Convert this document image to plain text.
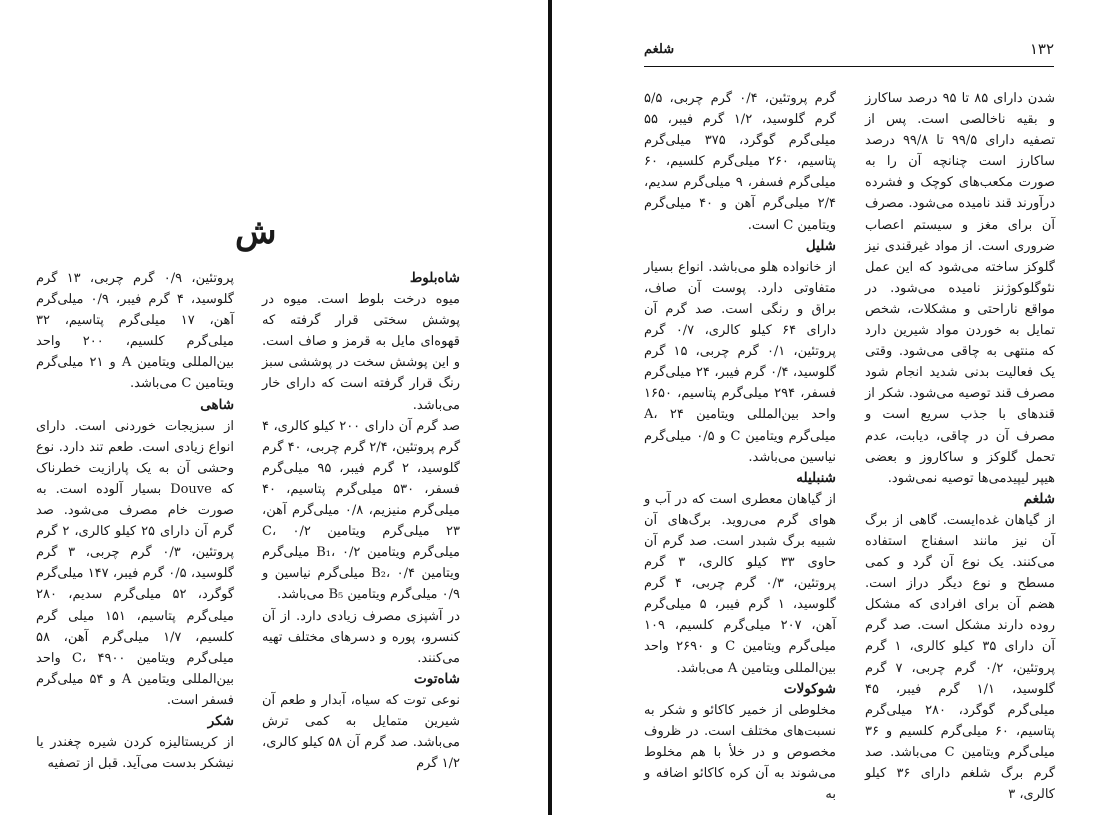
ش
شاه‌بلوط

میوه درخت بلوط است. میوه در پوشش سختی قرار گرفته که قهوه‌ای مایل به قرمز و صاف است. و این پوشش سخت در پوششی سبز رنگ قرار گرفته است که دارای خار می‌باشد.

صد گرم آن دارای ۲۰۰ کیلو کالری، ۴ گرم پروتئین، ۲/۴ گرم چربی، ۴۰ گرم گلوسید، ۲ گرم فیبر، ۹۵ میلی‌گرم فسفر، ۵۳۰ میلی‌گرم پتاسیم، ۴۰ میلی‌گرم منیزیم، ۰/۸ میلی‌گرم آهن، ۲۳ میلی‌گرم ویتامین C، ۰/۲ میلی‌گرم ویتامین B₁، ۰/۲ میلی‌گرم ویتامین B₂، ۰/۴ میلی‌گرم نیاسین و ۰/۹ میلی‌گرم ویتامین B₅ می‌باشد.

در آشپزی مصرف زیادی دارد. از آن کنسرو، پوره و دسرهای مختلف تهیه می‌کنند.

شاه‌توت

نوعی توت که سیاه، آبدار و طعم آن شیرین متمایل به کمی ترش می‌باشد. صد گرم آن ۵۸ کیلو کالری، ۱/۲ گرم

پروتئین، ۰/۹ گرم چربی، ۱۳ گرم گلوسید، ۴ گرم فیبر، ۰/۹ میلی‌گرم آهن، ۱۷ میلی‌گرم پتاسیم، ۳۲ میلی‌گرم کلسیم، ۲۰۰ واحد بین‌المللی ویتامین A و ۲۱ میلی‌گرم ویتامین C می‌باشد.

شاهی

از سبزیجات خوردنی است. دارای انواع زیادی است. طعم تند دارد. نوع وحشی آن به یک پارازیت خطرناک که Douve بسیار آلوده است. به صورت خام مصرف می‌شود. صد گرم آن دارای ۲۵ کیلو کالری، ۲ گرم پروتئین، ۰/۳ گرم چربی، ۳ گرم گلوسید، ۰/۵ گرم فیبر، ۱۴۷ میلی‌گرم گوگرد، ۵۲ میلی‌گرم سدیم، ۲۸۰ میلی‌گرم پتاسیم، ۱۵۱ میلی گرم کلسیم، ۱/۷ میلی‌گرم آهن، ۵۸ میلی‌گرم ویتامین C، ۴۹۰۰ واحد بین‌المللی ویتامین A و ۵۴ میلی‌گرم فسفر است.

شکر

از کریستالیزه کردن شیره چغندر یا نیشکر بدست می‌آید. قبل از تصفیه

۱۳۲
شلغم

شدن دارای ۸۵ تا ۹۵ درصد ساکارز و بقیه ناخالصی است. پس از تصفیه دارای ۹۹/۵ تا ۹۹/۸ درصد ساکارز است چنانچه آن را به صورت مکعب‌های کوچک و فشرده درآورند قند نامیده می‌شود. مصرف آن برای مغز و سیستم اعصاب ضروری است. از مواد غیرقندی نیز گلوکز ساخته می‌شود که این عمل نئوگلوکوژنز نامیده می‌شود. در مواقع ناراحتی و مشکلات، شخص تمایل به خوردن مواد شیرین دارد که منتهی به چاقی می‌شود. وقتی یک فعالیت بدنی شدید انجام شود مصرف قند توصیه می‌شود. شکر از قندهای با جذب سریع است و مصرف آن در چاقی، دیابت، عدم تحمل گلوکز و ساکاروز و بعضی هیپر لیپیدمی‌ها توصیه نمی‌شود.

شلغم

از گیاهان غده‌ایست. گاهی از برگ آن نیز مانند اسفناج استفاده می‌کنند. یک نوع آن گرد و کمی مسطح و نوع دیگر دراز است. هضم آن برای افرادی که مشکل روده دارند مشکل است. صد گرم آن دارای ۳۵ کیلو کالری، ۱ گرم پروتئین، ۰/۲ گرم چربی، ۷ گرم گلوسید، ۱/۱ گرم فیبر، ۴۵ میلی‌گرم گوگرد، ۲۸۰ میلی‌گرم پتاسیم، ۶۰ میلی‌گرم کلسیم و ۳۶ میلی‌گرم ویتامین C می‌باشد. صد گرم برگ شلغم دارای ۳۶ کیلو کالری، ۳

گرم پروتئین، ۰/۴ گرم چربی، ۵/۵ گرم گلوسید، ۱/۲ گرم فیبر، ۵۵ میلی‌گرم گوگرد، ۳۷۵ میلی‌گرم پتاسیم، ۲۶۰ میلی‌گرم کلسیم، ۶۰ میلی‌گرم فسفر، ۹ میلی‌گرم سدیم، ۲/۴ میلی‌گرم آهن و ۴۰ میلی‌گرم ویتامین C است.

شلیل

از خانواده هلو می‌باشد. انواع بسیار متفاوتی دارد. پوست آن صاف، براق و رنگی است. صد گرم آن دارای ۶۴ کیلو کالری، ۰/۷ گرم پروتئین، ۰/۱ گرم چربی، ۱۵ گرم گلوسید، ۰/۴ گرم فیبر، ۲۴ میلی‌گرم فسفر، ۲۹۴ میلی‌گرم پتاسیم، ۱۶۵۰ واحد بین‌المللی ویتامین A، ۲۴ میلی‌گرم ویتامین C و ۰/۵ میلی‌گرم نیاسین می‌باشد.

شنبلیله

از گیاهان معطری است که در آب و هوای گرم می‌روید. برگ‌های آن شبیه برگ شبدر است. صد گرم آن حاوی ۳۳ کیلو کالری، ۳ گرم پروتئین، ۰/۳ گرم چربی، ۴ گرم گلوسید، ۱ گرم فیبر، ۵ میلی‌گرم آهن، ۲۰۷ میلی‌گرم کلسیم، ۱۰۹ میلی‌گرم ویتامین C و ۲۶۹۰ واحد بین‌المللی ویتامین A می‌باشد.

شوکولات

مخلوطی از خمیر کاکائو و شکر به نسبت‌های مختلف است. در ظروف مخصوص و در خلأ با هم مخلوط می‌شوند به آن کره کاکائو اضافه و به
